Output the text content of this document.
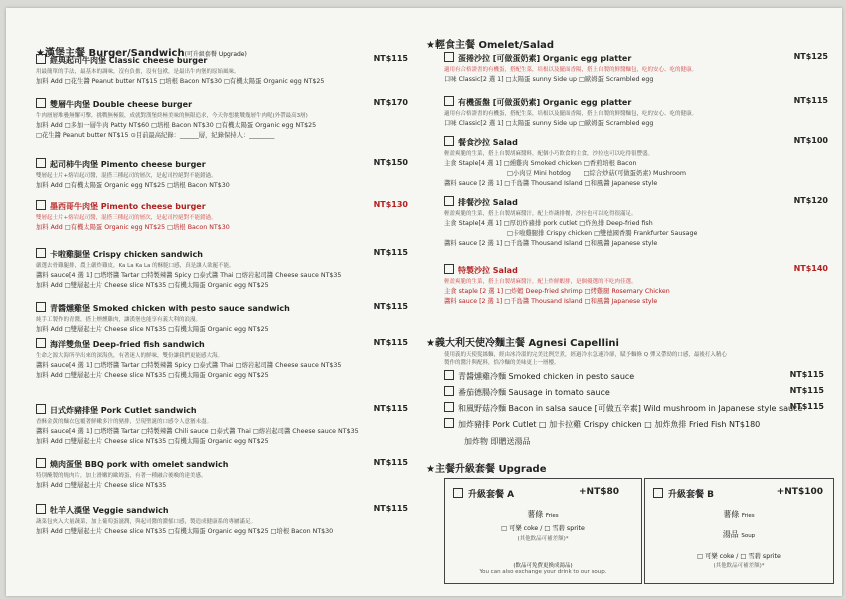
★漢堡主餐 Burger/Sandwich(可升級套餐 Upgrade)
經典起司牛肉堡 Classic cheese burger	NT$115
用最簡單的手法，最基本的調味，沒有負擔，沒有包袱，是最出牛肉堡的原始風味。
加料 Add □花生醬 Peanut butter NT$15 □培根 Bacon NT$30 □有機太陽蛋 Organic egg NT$25
雙層牛肉堡 Double cheese burger	NT$170
牛肉層層堆疊無懈可擊，挑戰無極限，成就對漢堡終極美味的無限追求，今天你想挑戰幾層牛肉呢(外帶最高3層)
加料 Add □多加一層牛肉 Patty NT$60 □培根 Bacon NT$30 □有機太陽蛋 Organic egg NT$25
□花生醬 Peanut butter NT$15 ⊙目前最高紀錄：______層，紀錄保持人：________
起司柿牛肉堡 Pimento cheese burger	NT$150
雙層起士片+熔岩起司醬，混搭三種起司的層次，是起司控絕對不能錯過。
加料 Add □有機太陽蛋 Organic egg NT$25 □培根 Bacon NT$30
墨西哥牛肉堡 Pimento cheese burger	NT$130
雙層起士片+熔岩起司醬，混搭三種起司的層次，是起司控絕對不能錯過。
加料 Add □有機太陽蛋 Organic egg NT$25 □培根 Bacon NT$30
卡啦雞腿堡 Crispy chicken sandwich	NT$115
嚴選去骨雞腿排，農上嚴炸雞皮，Ka La Ka La 的酥脆口感，真是讓人欲罷不能。
醬料 sauce[4 選 1] □塔塔醬 Tartar □特製辣醬 Spicy □泰式醬 Thai □熔岩起司醬 Cheese sauce NT$35
加料 Add □雙層起士片 Cheese slice NT$35 □有機太陽蛋 Organic egg NT$25
青醬燻雞堡 Smoked chicken with pesto sauce sandwich	NT$115
純手工製作的青醬，搭上煙燻雞肉，讓漢堡也能享有義大利的浪漫。
加料 Add □雙層起士片 Cheese slice NT$35 □有機太陽蛋 Organic egg NT$25
海洋雙魚堡 Deep-fried fish sandwich	NT$115
生命之源大海所孕出來的深海魚，有著迷人的鮮味，雙份讓我們更能感大海。
醬料 sauce[4 選 1] □塔塔醬 Tartar □特製辣醬 Spicy □泰式醬 Thai □熔岩起司醬 Cheese sauce NT$35
加料 Add □雙層起士片 Cheese slice NT$35 □有機太陽蛋 Organic egg NT$25
日式炸豬排堡 Pork Cutlet sandwich	NT$115
香酥金黃的麵衣包覆著鮮嫩多汁的豬排，呈現聖誕的口感令人意猶未盡。
醬料 sauce[4 選 1] □塔塔醬 Tartar □特製辣醬 Chili sauce □泰式醬 Thai □熔岩起司醬 Cheese sauce NT$35
加料 Add □雙層起士片 Cheese slice NT$35 □有機太陽蛋 Organic egg NT$25
燒肉蛋堡 BBQ pork with omelet sandwich	NT$115
特別醃製的燒肉片，加上滑嫩的歐姆蛋，有著一種融合後喚的達美感。
加料 Add □雙層起士片 Cheese slice NT$35
牡羊人漢堡 Veggie sandwich	NT$115
蔬菜包夾入大量蔬菜，加上葡萄蛋滋潤，與起司醬的濃郁口感，製造成健康系的專屬滿足。
加料 Add □雙層起士片 Cheese slice NT$35 □有機太陽蛋 Organic egg NT$25 □培根 Bacon NT$30
★輕食主餐 Omelet/Salad
蛋捲沙拉 [可做蛋奶素] Organic egg platter	NT$125
適用有合格證書的有機蛋，搭配生菜，培根以及擺面香陽，搭上自製的鮮醬麵包，吃的安心、吃的健康。
口味 Classic[2 選 1] □太陽蛋 sunny Side up □歐姆蛋 Scrambled egg
有機蛋盤 [可做蛋奶素] Organic egg platter	NT$115
適用有合格證書的有機蛋，搭配生菜，培根以及擺面香陽，搭上自製的鮮醬麵包，吃的安心、吃的健康。
口味 Classic[2 選 1] □太陽蛋 sunny Side up □歐姆蛋 Scrambled egg
餐食沙拉 Salad	NT$100
輕盈爽脆的生菜，搭上自製胡麻醬料，配個小巧飲食的主食，沙拉也可以吃得很豐盛。
主食 Staple[4 選 1] □燻雞肉 Smoked chicken □香煎培根 Bacon
　　　　　　　　　　□小肉豆 Mini hotdog　　□綜合炒菇(可做蛋奶素) Mushroom
醬料 sauce [2 選 1] □千島醬 Thousand Island □和風醬 Japanese style
排餐沙拉 Salad	NT$120
輕盈爽脆的生菜，搭上自製胡麻醬汁，配上炸蔬排餐，沙拉也可以吃得很滿足。
主食 Staple[4 選 1] □厚切炸豬排 pork cutlet □炸魚排 Deep-fried fish
　　　　　　　　　　□卡啦雞腿排 Crispy chicken □雙德國香腸 Frankfurter Sausage
醬料 sauce [2 選 1] □千島醬 Thousand Island □和風醬 Japanese style
特製沙拉 Salad	NT$140
輕盈爽脆的生菜，搭上自製胡麻醬汁，配上炸鮮蝦排，是個優選的不吃肉佳選。
主食 staple [2 選 1] □炸蝦 Deep-fried shrimp □烤雞腿 Rosemary Chicken
醬料 sauce [2 選 1] □千島醬 Thousand Island □和風醬 Japanese style
★義大利天使冷麵主餐 Agnesi Capellini
使用義的天使髮絲麵，經由冰冷溫的完美比例烹煮，經過冷水急速冷卻，賦予麵條 Q 彈又帶勁的口感，最後打入精心
製作的醬汁與配料，恰冷麵的美味更上一層樓。
青醬燻雞冷麵 Smoked chicken in pesto sauce	NT$115
番茄德腸冷麵 Sausage in tomato sauce	NT$115
和風野菇冷麵 Bacon in salsa sauce [可做五辛素] Wild mushroom in Japanese style sauce
NT$115
加炸豬排 Pork Cutlet □ 加卡拉雞 Crispy chicken □ 加炸魚排 Fried Fish NT$180
加炸物 即贈送湯品
★主餐升級套餐 Upgrade
升級套餐 A	+NT$80
薯條 Fries
□ 可樂 coke / □ 雪碧 sprite
(其他飲品可補差額)*
(飲品可免費更換成湯品)
You can also exchange your drink to our soup.
升級套餐 B	+NT$100
薯條 Fries
湯品 Soup
□ 可樂 coke / □ 雪碧 sprite
(其他飲品可補差額)*
